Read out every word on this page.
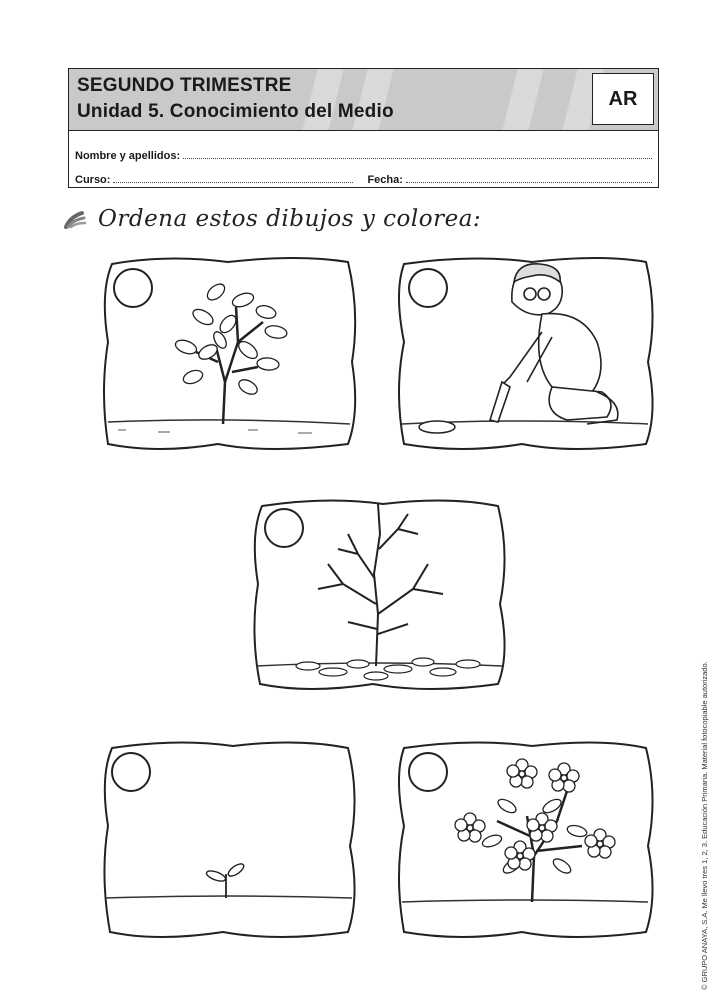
SEGUNDO TRIMESTRE
Unidad 5. Conocimiento del Medio
AR
Nombre y apellidos:
Curso:	Fecha:
Ordena estos dibujos y colorea:
© GRUPO ANAYA, S.A. Me llevo tres 1, 2, 3. Educación Primaria. Material fotocopiable autorizado.
